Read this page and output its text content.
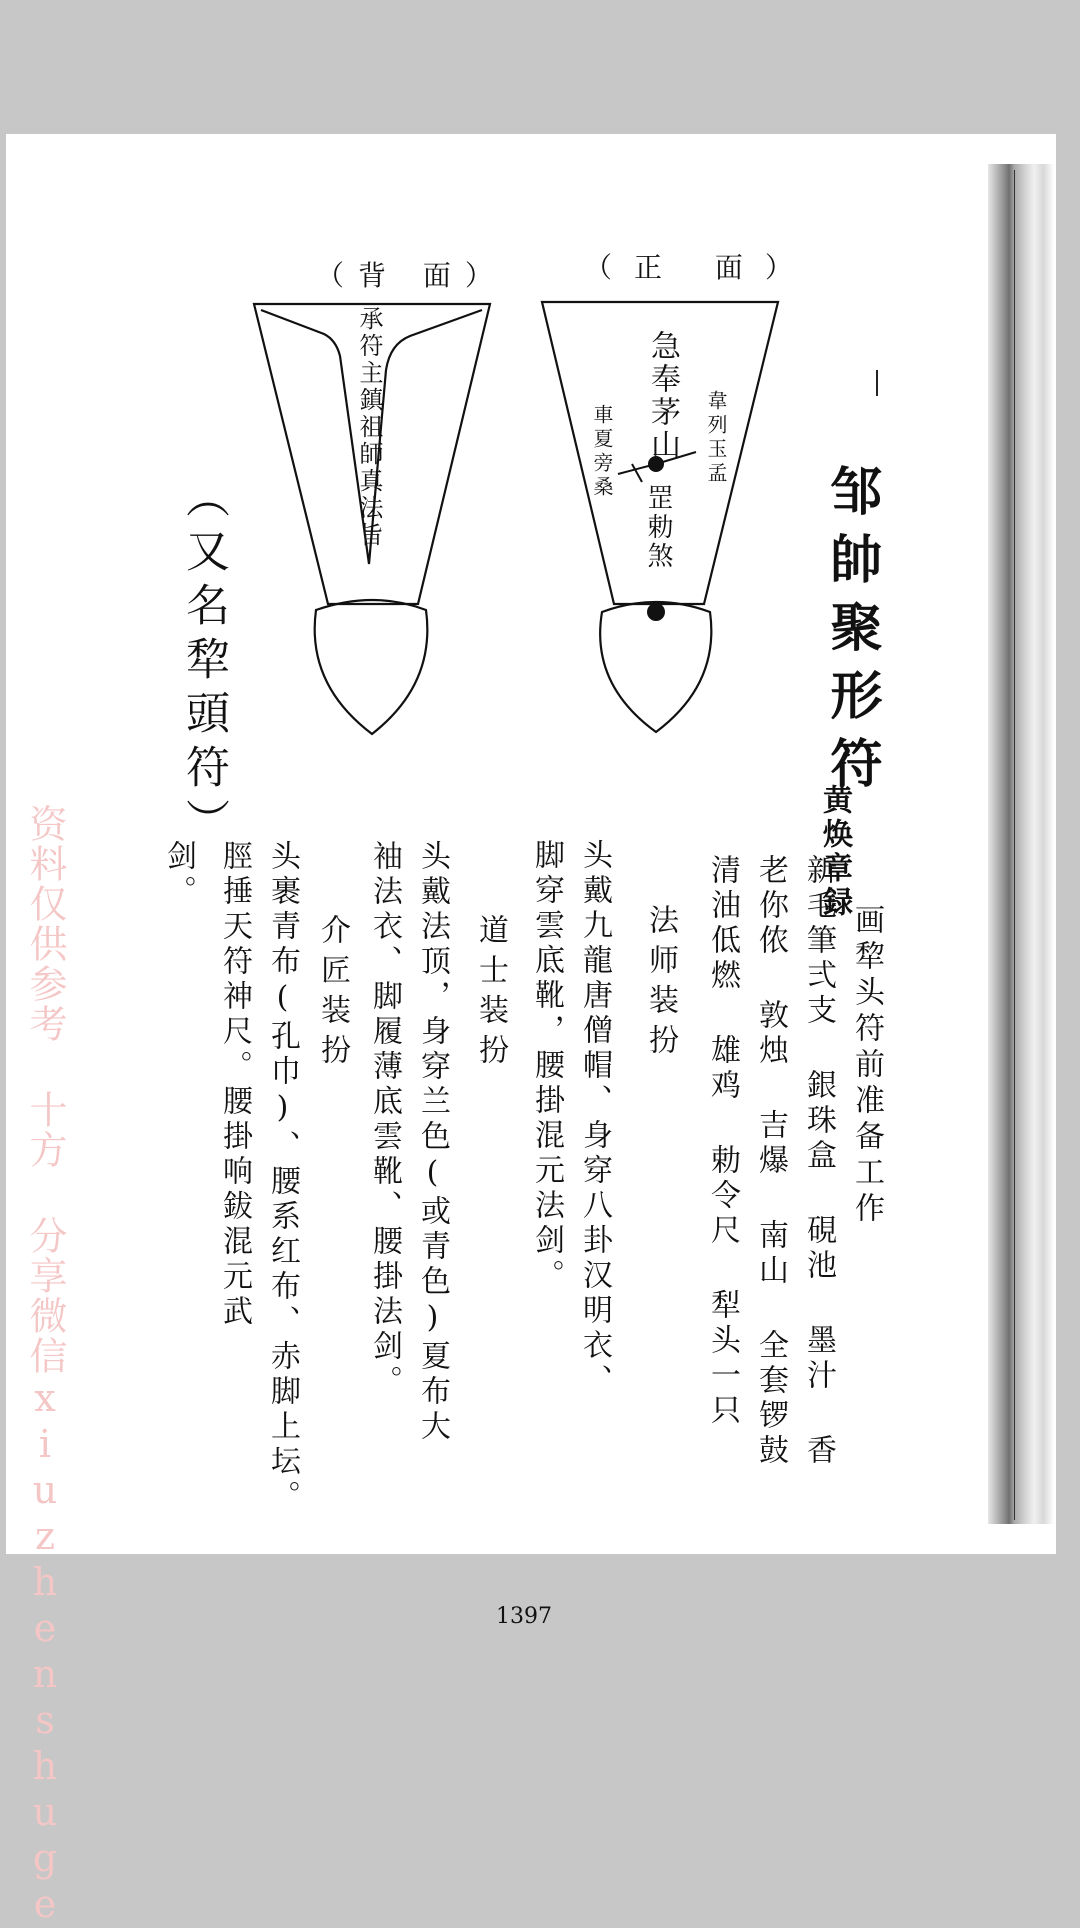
资料仅供参考 十方 分享微信xiuzhenshuge
（背 面）	（正 面）
承符主鎮祖師真法旨	急奉茅山 韋列玉孟
車夏旁桑
罡勅煞	邹帥聚形符
黄焕章録
（又名犂頭符）
画犂头符前准备工作
新毛筆弍支 銀珠盒 硯池 墨汁 香
老你侬 敦烛 吉爆 南山 全套锣鼓
清油低燃 雄鸡 勅令尺 犁头一只
法师装扮
头戴九龍唐僧帽、身穿八卦汉明衣、
脚穿雲底靴，腰掛混元法剑。
道士装扮
头戴法顶，身穿兰色(或青色)夏布大
袖法衣、脚履薄底雲靴、腰掛法剑。
介匠装扮
头裹青布(孔巾)、腰系红布、赤脚上坛。
脛捶天符神尺。腰掛响鈸混元武
剑。
1397
